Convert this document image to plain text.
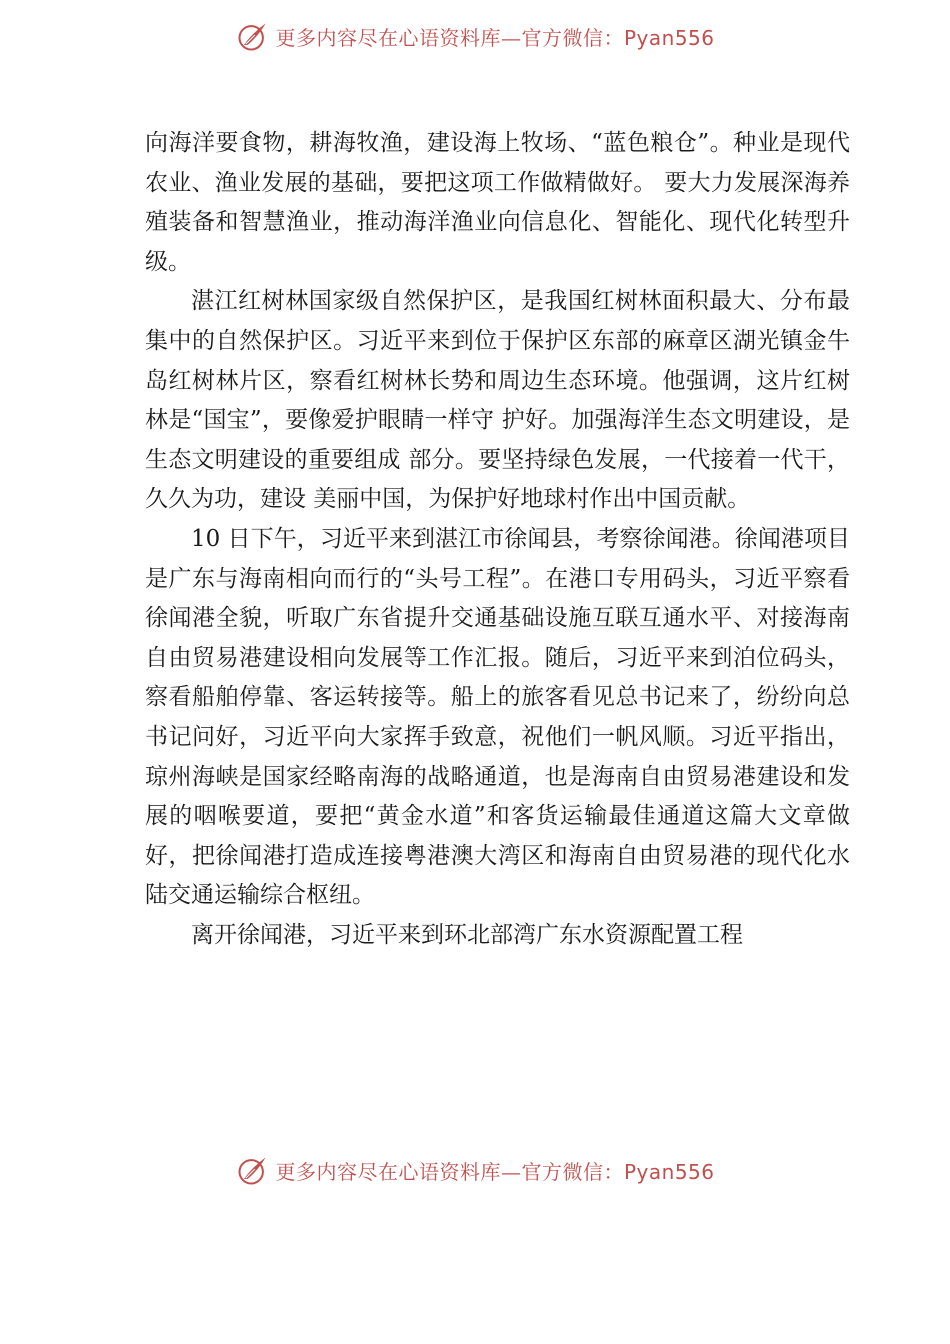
更多内容尽在心语资料库—官方微信：Pyan556

向海洋要食物，耕海牧渔，建设海上牧场、“蓝色粮仓”。种业是现代农业、渔业发展的基础，要把这项工作做精做好。 要大力发展深海养殖装备和智慧渔业，推动海洋渔业向信息化、智能化、现代化转型升级。

湛江红树林国家级自然保护区，是我国红树林面积最大、分布最集中的自然保护区。习近平来到位于保护区东部的麻章区湖光镇金牛岛红树林片区，察看红树林长势和周边生态环境。他强调，这片红树林是“国宝”，要像爱护眼睛一样守 护好。加强海洋生态文明建设，是生态文明建设的重要组成 部分。要坚持绿色发展，一代接着一代干，久久为功，建设 美丽中国，为保护好地球村作出中国贡献。

10 日下午，习近平来到湛江市徐闻县，考察徐闻港。徐闻港项目是广东与海南相向而行的“头号工程”。在港口专用码头，习近平察看徐闻港全貌，听取广东省提升交通基础设施互联互通水平、对接海南自由贸易港建设相向发展等工作汇报。随后，习近平来到泊位码头，察看船舶停靠、客运转接等。船上的旅客看见总书记来了，纷纷向总书记问好，习近平向大家挥手致意，祝他们一帆风顺。习近平指出，琼州海峡是国家经略南海的战略通道，也是海南自由贸易港建设和发展的咽喉要道，要把“黄金水道”和客货运输最佳通道这篇大文章做好，把徐闻港打造成连接粤港澳大湾区和海南自由贸易港的现代化水陆交通运输综合枢纽。

离开徐闻港，习近平来到环北部湾广东水资源配置工程

更多内容尽在心语资料库—官方微信：Pyan556
